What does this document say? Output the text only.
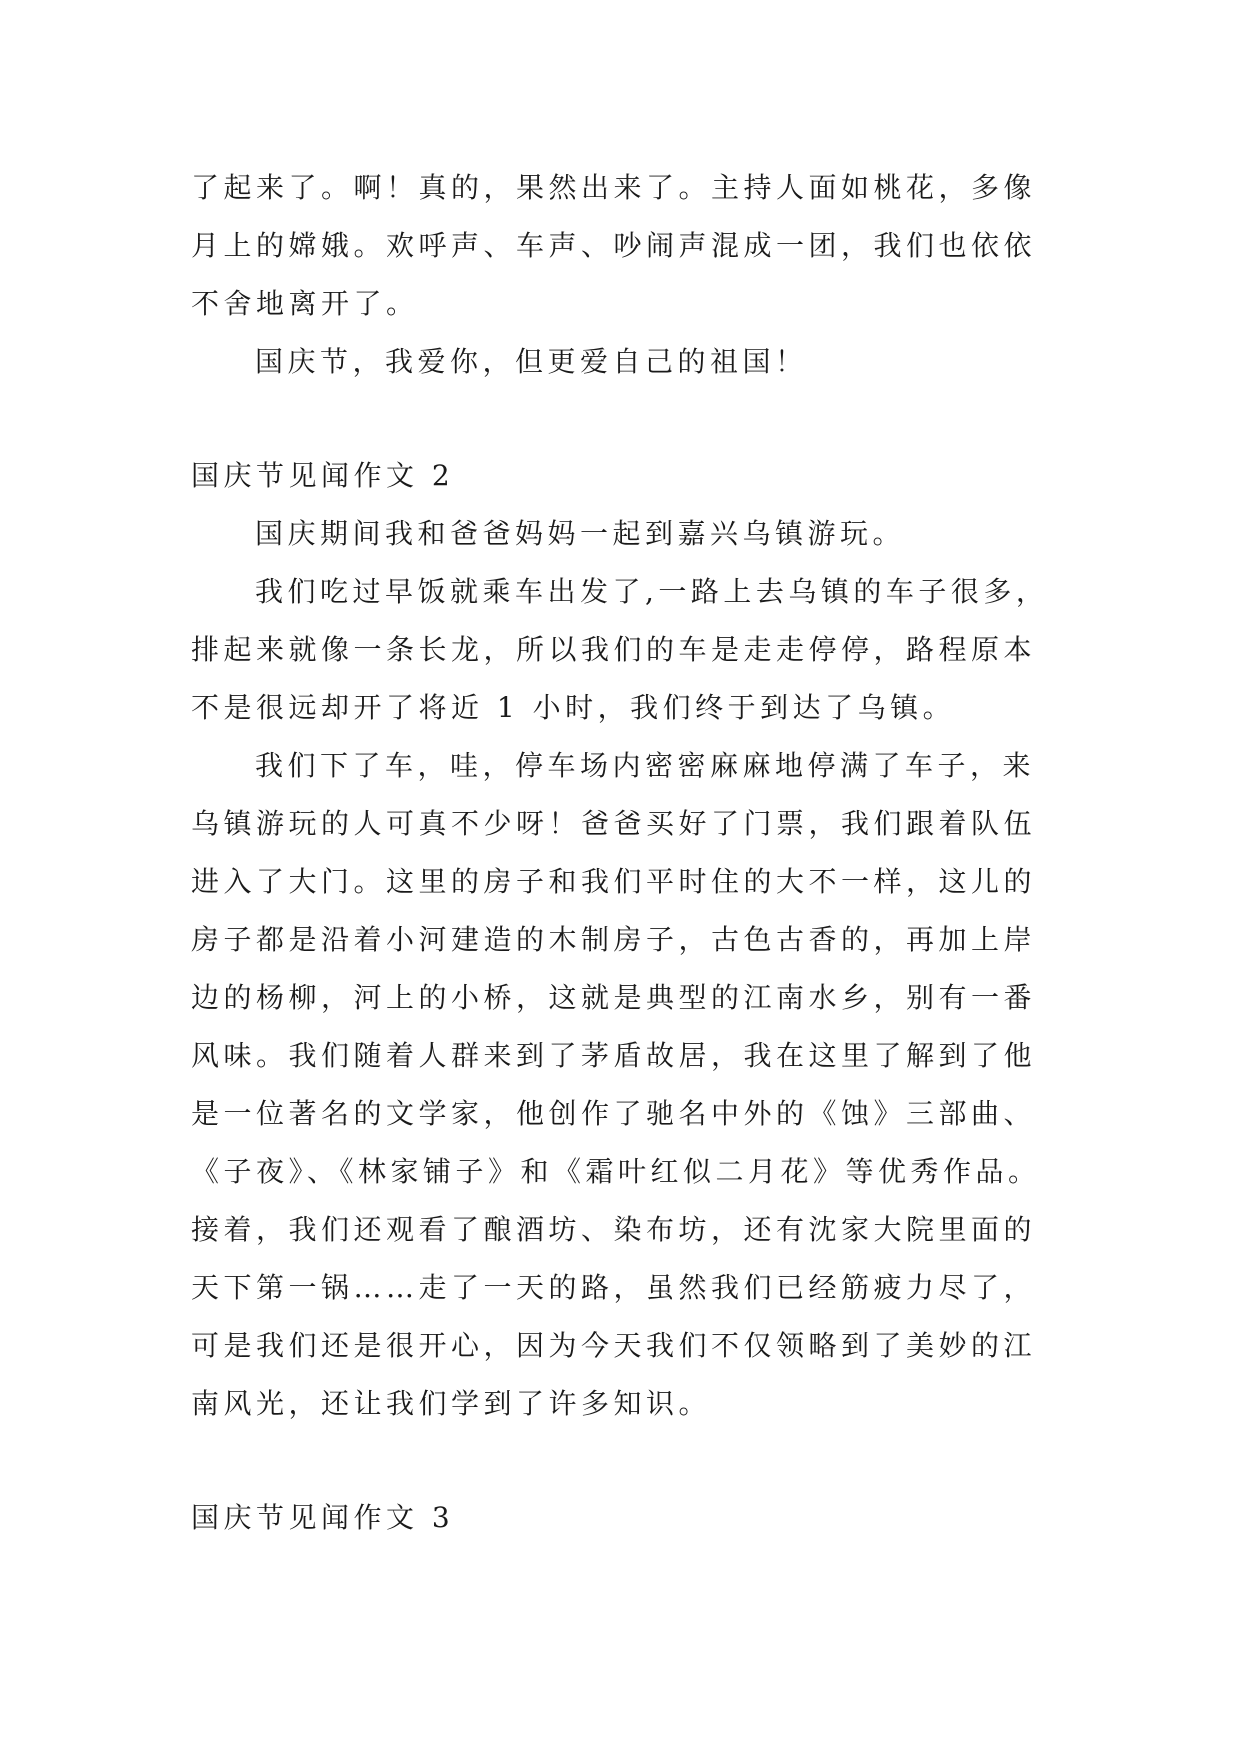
了起来了。啊！真的，果然出来了。主持人面如桃花，多像
月上的嫦娥。欢呼声、车声、吵闹声混成一团，我们也依依
不舍地离开了。
国庆节，我爱你，但更爱自己的祖国！
国庆节见闻作文 2
国庆期间我和爸爸妈妈一起到嘉兴乌镇游玩。
我们吃过早饭就乘车出发了,一路上去乌镇的车子很多，
排起来就像一条长龙，所以我们的车是走走停停，路程原本
不是很远却开了将近 1 小时，我们终于到达了乌镇。
我们下了车，哇，停车场内密密麻麻地停满了车子，来
乌镇游玩的人可真不少呀！爸爸买好了门票，我们跟着队伍
进入了大门。这里的房子和我们平时住的大不一样，这儿的
房子都是沿着小河建造的木制房子，古色古香的，再加上岸
边的杨柳，河上的小桥，这就是典型的江南水乡，别有一番
风味。我们随着人群来到了茅盾故居，我在这里了解到了他
是一位著名的文学家，他创作了驰名中外的《蚀》三部曲、
《子夜》、《林家铺子》和《霜叶红似二月花》等优秀作品。
接着，我们还观看了酿酒坊、染布坊，还有沈家大院里面的
天下第一锅……走了一天的路，虽然我们已经筋疲力尽了，
可是我们还是很开心，因为今天我们不仅领略到了美妙的江
南风光，还让我们学到了许多知识。
国庆节见闻作文 3
